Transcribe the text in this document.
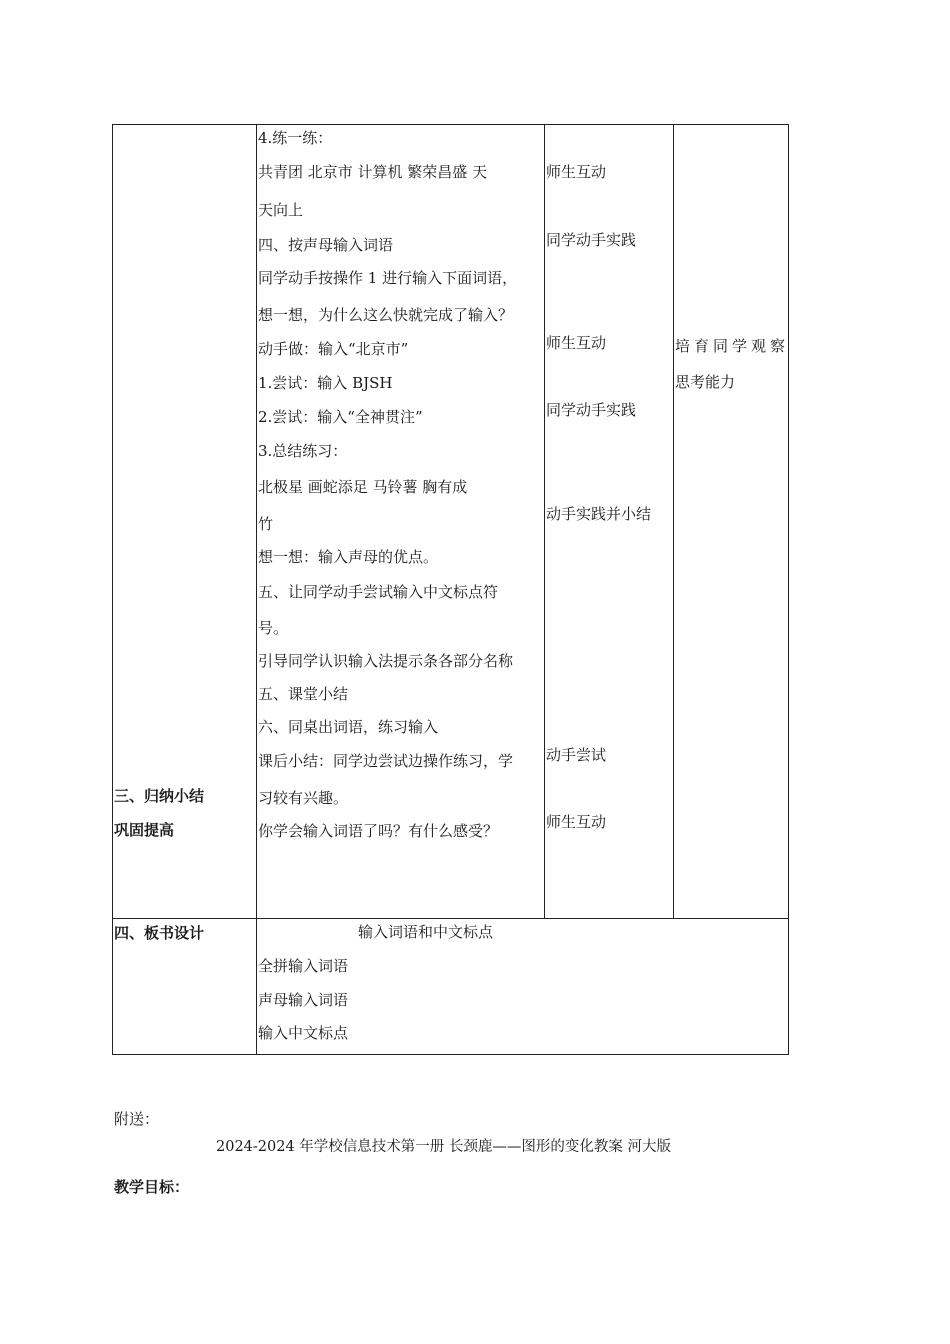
三、归纳小结
巩固提高
4.练一练：
共青团 北京市 计算机 繁荣昌盛 天
天向上
四、按声母输入词语
同学动手按操作 1 进行输入下面词语，
想一想，为什么这么快就完成了输入？
动手做：输入“北京市”
1.尝试：输入 BJSH
2.尝试：输入“全神贯注”
3.总结练习：
北极星 画蛇添足 马铃薯 胸有成
竹
想一想：输入声母的优点。
五、让同学动手尝试输入中文标点符
号。
引导同学认识输入法提示条各部分名称
五、课堂小结
六、同桌出词语，练习输入
课后小结：同学边尝试边操作练习，学
习较有兴趣。
你学会输入词语了吗？有什么感受？
师生互动
同学动手实践
师生互动
同学动手实践
动手实践并小结
动手尝试
师生互动
培育同学观察
思考能力
四、板书设计	输入词语和中文标点
全拼输入词语
声母输入词语
输入中文标点
附送：
2024-2024 年学校信息技术第一册 长颈鹿——图形的变化教案 河大版
教学目标：
